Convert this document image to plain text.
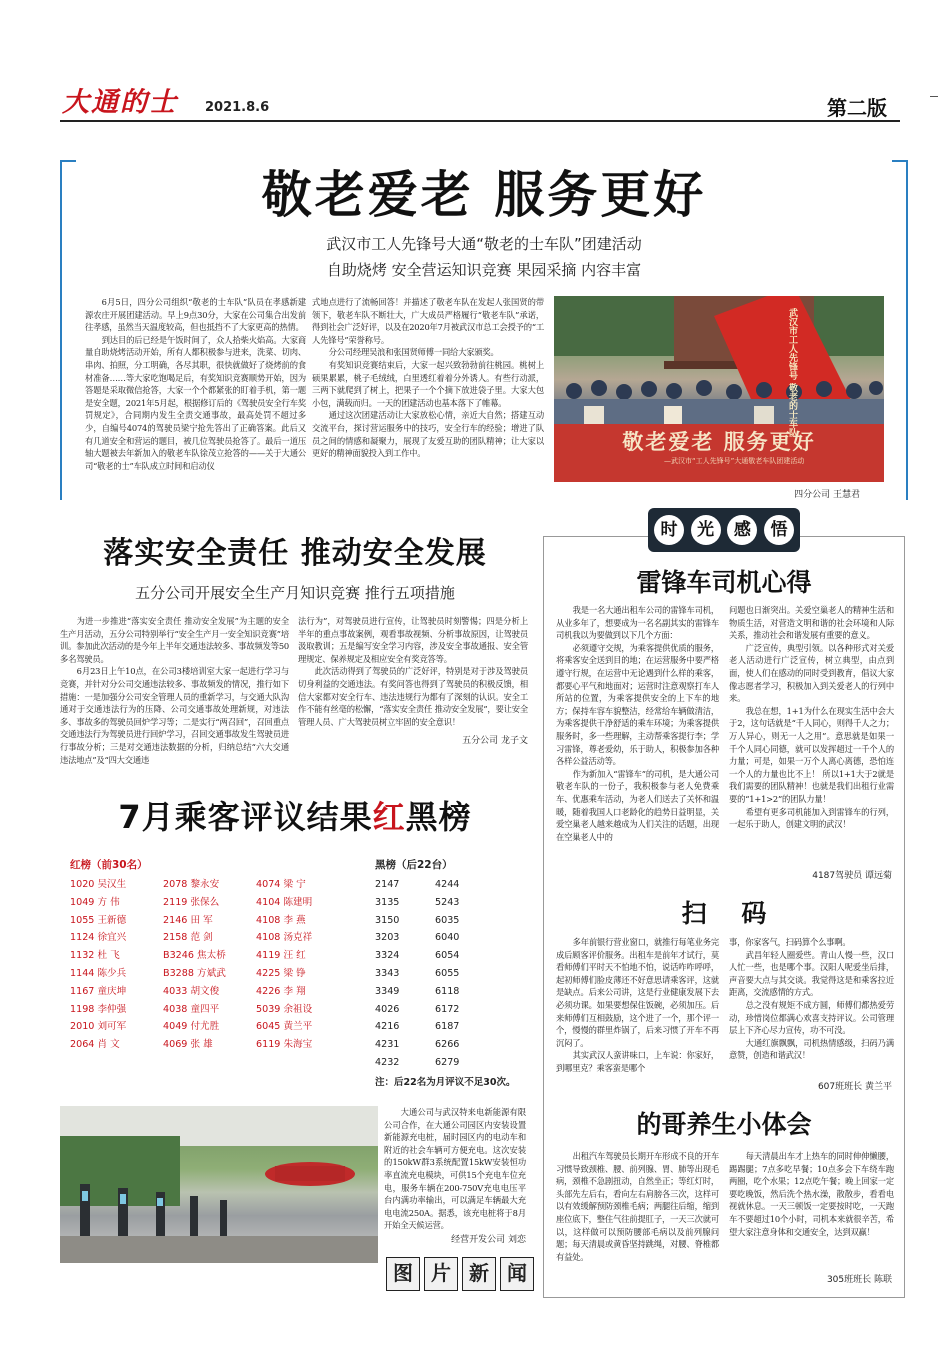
大通的士	2021.8.6	第二版
敬老爱老 服务更好
武汉市工人先锋号大通“敬老的士车队”团建活动
自助烧烤 安全营运知识竞赛 果园采摘 内容丰富

6月5日，四分公司组织“敬老的士车队”队员在孝感新建源农庄开展团建活动。早上9点30分，大家在公司集合出发前往孝感，虽然当天温度较高，但也抵挡不了大家更高的热情。

到达目的后已经是午饭时间了，众人拾柴火焰高。大家商量自助烧烤活动开始，所有人都积极参与进来，洗菜、切肉、串肉、拍照，分工明确，各尽其职，很快就做好了烧烤前的食材准备……等大家吃饱喝足后，有奖知识竞赛顺势开始，因为答题是采取微信抢答，大家一个个都紧张的盯着手机，第一题是安全题，2021年5月起，根据修订后的《驾驶员安全行车奖罚规定》，合同期内发生全责交通事故，最高处罚不超过多少，自编号4074的驾驶员梁宁抢先答出了正确答案。此后又有几道安全和营运的题目，被几位驾驶员抢答了。最后一道压轴大题被去年新加入的敬老车队徐茂立抢答的——关于大通公司“敬老的士”车队成立时间和启动仪

式地点进行了流畅回答！并描述了敬老车队在发起人张国贤的带领下，敬老车队不断壮大，广大成员严格履行“敬老车队”承诺，得到社会广泛好评，以及在2020年7月被武汉市总工会授予的“工人先锋号”荣誉称号。

分公司经理吴浪和张国贤师傅一同给大家颁奖。

有奖知识竞赛结束后，大家一起兴致勃勃前往桃园。桃树上硕果累累，桃子毛绒绒，白里透红着着分外诱人。有些行动派，三两下就爬到了树上，把果子一个个摘下放进袋子里。大家大包小包，满载而归。一天的团建活动也基本落下了帷幕。

通过这次团建活动让大家放松心情，亲近大自然；搭建互动交流平台，探讨营运服务中的技巧，安全行车的经验；增进了队员之间的情感和凝聚力，展现了友爱互助的团队精神；让大家以更好的精神面貌投入到工作中。

武汉市工人先锋号 敬老的士车队
敬老爱老 服务更好
—武汉市“工人先锋号”大通敬老车队团建活动
四分公司 王慧君
落实安全责任 推动安全发展
五分公司开展安全生产月知识竞赛 推行五项措施

为进一步推进“落实安全责任 推动安全发展”为主题的安全生产月活动，五分公司特别举行“安全生产月一安全知识竞赛”培训。参加此次活动的是今年上半年交通违法较多、事故频发等50多名驾驶员。

6月23日上午10点，在公司3楼培训室大家一起进行学习与竞赛，并针对分公司交通违法较多、事故频发的情况，推行如下措施：一是加强分公司安全管理人员的重新学习，与交通大队沟通对于交通违法行为的压降、公司交通事故处理新规，对违法多、事故多的驾驶员回炉学习等；二是实行“两召回”，召回重点交通违法行为驾驶员进行回炉学习，召回交通事故发生驾驶员进行事故分析；三是对交通违法数据的分析，归纳总结“六大交通违法地点”及“四大交通违

法行为”，对驾驶员进行宣传，让驾驶员时刻警惕；四是分析上半年的重点事故案例，观看事故视频、分析事故原因，让驾驶员汲取教训；五是编写安全学习内容，涉及安全事故通报、安全管理规定、保养规定及相应安全有奖竞答等。

此次活动得到了驾驶员的广泛好评，特别是对于涉及驾驶员切身利益的交通违法。有奖问答也得到了驾驶员的积极反馈，相信大家都对安全行车、违法违规行为都有了深刻的认识。安全工作不能有丝毫的松懈，“落实安全责任 推动安全发展”，要让安全管理人员、广大驾驶员树立牢固的安全意识！

五分公司 龙子文
7月乘客评议结果红黑榜
红榜（前30名）	黑榜（后22台）
1020 吴汉生	2078 黎永安	4074 梁 宁
1049 方 伟	2119 张保么	4104 陈建明
1055 王新德	2146 田 军	4108 李 燕
1124 徐宜兴	2158 范 剑	4108 汤克祥
1132 杜 飞	B3246 焦太桥	4119 汪 红
1144 陈少兵	B3288 方斌武	4225 梁 铮
1167 童庆坤	4033 胡文俊	4226 李 翔
1198 李仲强	4038 童四平	5039 余祖设
2010 刘可军	4049 付尤胜	6045 黄兰平
2064 肖 文	4069 张 雄	6119 朱海宝
2147	4244
3135	5243
3150	6035
3203	6040
3324	6054
3343	6055
3349	6118
4026	6172
4216	6187
4231	6266
4232	6279
注：后22名为月评议不足30次。

大通公司与武汉特来电新能源有限公司合作，在大通公司园区内安装设置新能源充电桩，届时园区内的电动车和附近的社会车辆可方便充电。这次安装的150kW群3系统配置15kW安装恒功率直流充电模块，可供15个充电车位充电，服务车辆在200-750V充电电压平台内满功率输出，可以满足车辆最大充电电流250A。据悉，该充电桩将于8月开始全天候运营。

经营开发公司 刘恋
图 片 新 闻
时	光	感	悟
雷锋车司机心得

我是一名大通出租车公司的雷锋车司机，从业多年了，想要成为一名名副其实的雷锋车司机我以为要做到以下几个方面：

必须遵守交规，为乘客提供优质的服务，将乘客安全送到目的地；在运营服务中要严格遵守行规，在运营中无论遇到什么样的乘客，都要心平气和地面对；运营时注意观察打车人所站的位置，为乘客提供安全的上下车的地方；保持车容车貌整洁，经常给车辆做清洁，为乘客提供干净舒适的乘车环境；为乘客提供服务时，多一些理解，主动帮乘客提行李；学习雷锋，尊老爱幼，乐于助人，积极参加各种各样公益活动等。

作为新加入“雷锋车”的司机，是大通公司敬老车队的一份子，我积极参与老人免费乘车、优惠乘车活动，为老人们送去了关怀和温暖，随着我国人口老龄化的趋势日益明显，关爱空巢老人越来越成为人们关注的话题，出现在空巢老人中的

问题也日渐突出。关爱空巢老人的精神生活和物质生活，对营造文明和谐的社会环境和人际关系，推动社会和谐发展有重要的意义。

广泛宣传，典型引领。以各种形式对关爱老人活动进行广泛宣传，树立典型，由点到面，使人们在感动的同时受到教育，倡议大家像志愿者学习，积极加入到关爱老人的行列中来。

我总在想，1+1为什么在现实生活中会大于2，这句话就是“千人同心，则得千人之力；万人异心，则无一人之用”。意思就是如果一千个人同心同德，就可以发挥超过一千个人的力量；可是，如果一万个人离心离德，恐怕连一个人的力量也比不上！ 所以1+1大于2就是我们需要的团队精神！也就是我们出租行业需要的“1+1>2”的团队力量！

希望有更多司机能加入到雷锋车的行列，一起乐于助人，创建文明的武汉！

4187驾驶员 谭远菊
扫    码

多年前银行营业窗口，就推行每笔业务完成后顾客评价服务。出租车是前年才试行，莫看师傅们平时天不怕地不怕，说话咋咋呼呼，起初师傅们脸皮薄还不好意思请乘客评，这就是缺点。后来公司讲，这是行业健康发展下去必须功课。如果要想保住饭碗，必须加压。后来师傅们互相鼓励，这个进了一个，那个评一个，慢慢的群里炸锅了，后来习惯了开车不再沉闷了。

其实武汉人蛮讲味口，上车说：你家好，到哪里克？乘客蛮是哪个

事，你家客气，扫码算个么事啊。

武昌年轻人圈爱些。青山人慢一些，汉口人忙一些，也是哪个事。汉阳人呢爱坐后排，声音要大点与其交谈。我觉得这是和乘客拉近距离，交流感情的方式。

总之没有规矩不成方圆，师傅们都热爱劳动，珍惜岗位都满心欢喜支持评议。公司管理层上下齐心尽力宣传，功不可没。

大通红旗飘飘，司机热情感级，扫码乃满意赞，创造和谐武汉！

607班班长 黄兰平
的哥养生小体会

出租汽车驾驶员长期开车形成不良的开车习惯导致颈椎、腰、前列腺、胃、肺等出现毛病，颈椎不急剧扭动，自然坐正；等红灯时，头部先左后右，看向左右肩膀各三次，这样可以有效缓解预防颈椎毛病；两腿往后缩，缩到座位底下，整住气往前提肛子，一天三次就可以，这样做可以预防腰部毛病以及前列腺问题；每天清晨或黄昏坚持跳绳，对腰、脊椎都有益处。

每天清晨出车才上热车的同时伸伸懒腰，踢踢腿；7点多吃早餐；10点多会下车绕车跑两圈，吃个水果；12点吃午餐；晚上回家一定要吃晚饭，然后洗个热水澡，散散步，看看电视就休息。一天三顿饭一定要按时吃，一天跑车不要超过10个小时，司机本来就很辛苦，希望大家注意身体和交通安全，达到双赢！

305班班长 陈联
